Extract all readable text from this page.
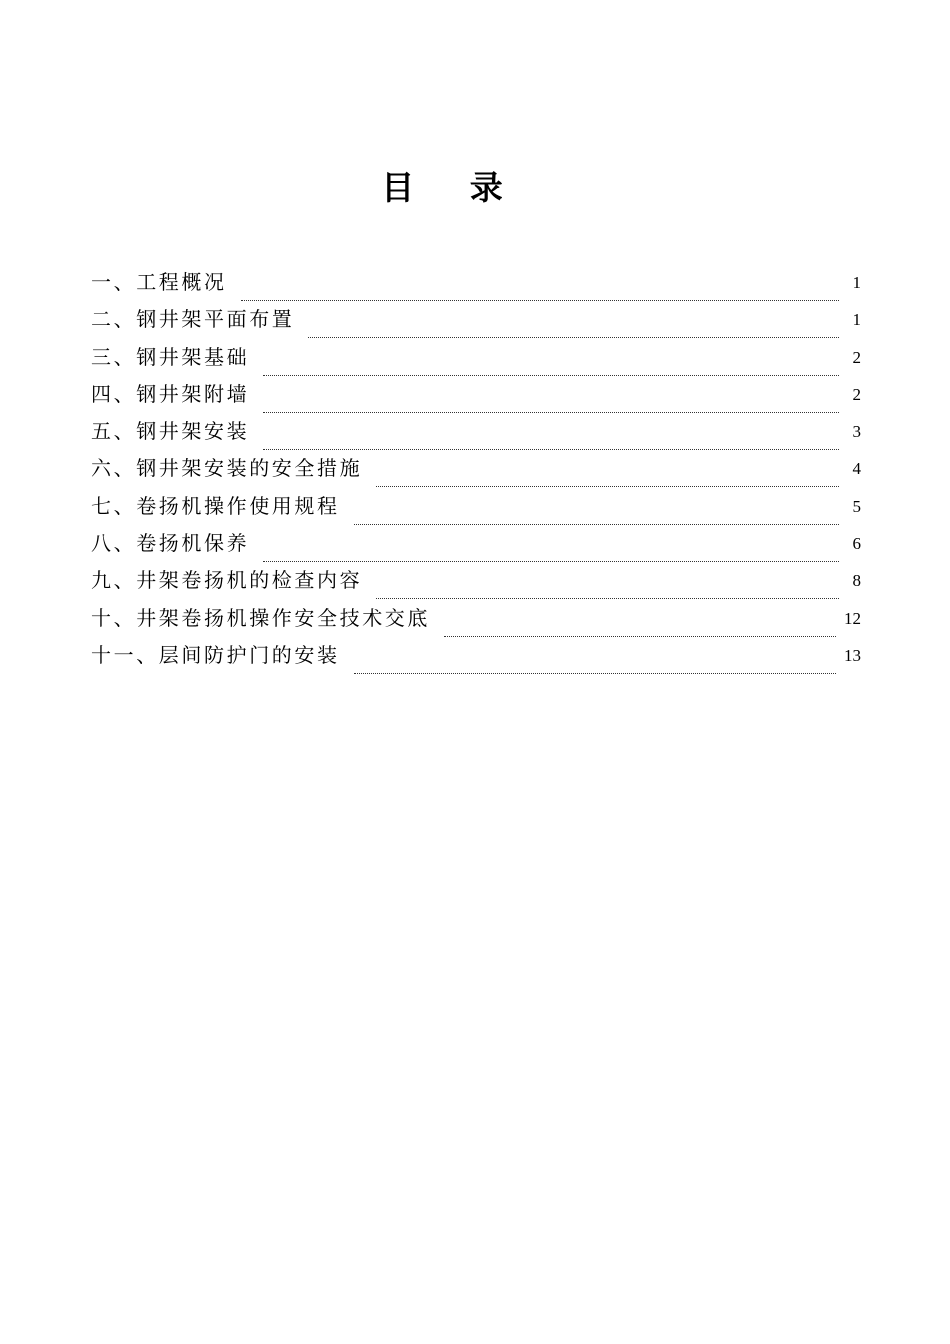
目 录
一、工程概况	1
二、钢井架平面布置	1
三、钢井架基础	2
四、钢井架附墙	2
五、钢井架安装	3
六、钢井架安装的安全措施	4
七、卷扬机操作使用规程	5
八、卷扬机保养	6
九、井架卷扬机的检查内容	8
十、井架卷扬机操作安全技术交底	12
十一、层间防护门的安装	13
